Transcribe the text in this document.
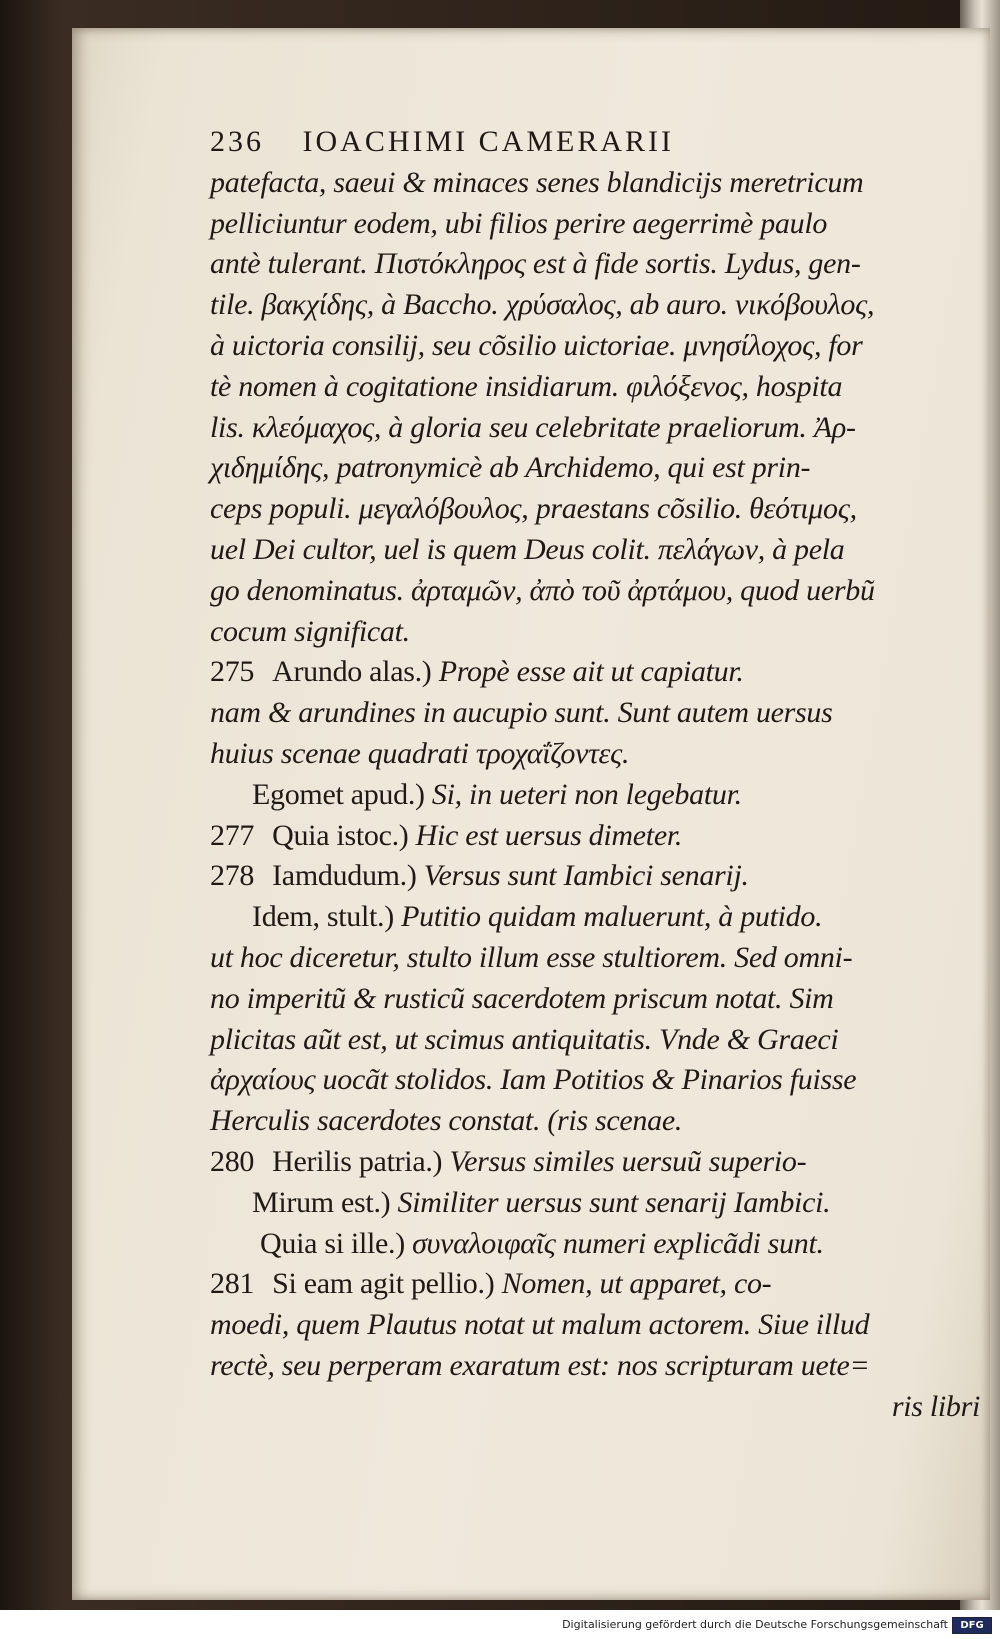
236 IOACHIMI CAMERARII
patefacta, saeui & minaces senes blandicijs meretricum
pelliciuntur eodem, ubi filios perire aegerrimè paulo
antè tulerant. Πιστόκληρος est à fide sortis. Lydus, gen-
tile. βακχίδης, à Baccho. χρύσαλος, ab auro. νικόβουλος,
à uictoria consilij, seu cõsilio uictoriae. μνησίλοχος, for
tè nomen à cogitatione insidiarum. φιλόξενος, hospita
lis. κλεόμαχος, à gloria seu celebritate praeliorum. Ἀρ-
χιδημίδης, patronymicè ab Archidemo, qui est prin-
ceps populi. μεγαλόβουλος, praestans cõsilio. θεότιμος,
uel Dei cultor, uel is quem Deus colit. πελάγων, à pela
go denominatus. ἀρταμῶν, ἀπὸ τοῦ ἀρτάμου, quod uerbũ
cocum significat.
275 Arundo alas.) Propè esse ait ut capiatur.
nam & arundines in aucupio sunt. Sunt autem uersus
huius scenae quadrati τροχαΐζοντες.
Egomet apud.) Si, in ueteri non legebatur.
277 Quia istoc.) Hic est uersus dimeter.
278 Iamdudum.) Versus sunt Iambici senarij.
Idem, stult.) Putitio quidam maluerunt, à putido.
ut hoc diceretur, stulto illum esse stultiorem. Sed omni-
no imperitũ & rusticũ sacerdotem priscum notat. Sim
plicitas aũt est, ut scimus antiquitatis. Vnde & Graeci
ἀρχαίους uocãt stolidos. Iam Potitios & Pinarios fuisse
Herculis sacerdotes constat. (ris scenae.
280 Herilis patria.) Versus similes uersuũ superio-
Mirum est.) Similiter uersus sunt senarij Iambici.
Quia si ille.) συναλοιφαῖς numeri explicãdi sunt.
281 Si eam agit pellio.) Nomen, ut apparet, co-
moedi, quem Plautus notat ut malum actorem. Siue illud
rectè, seu perperam exaratum est: nos scripturam uete=
ris libri
Digitalisierung gefördert durch die Deutsche Forschungsgemeinschaft	DFG
